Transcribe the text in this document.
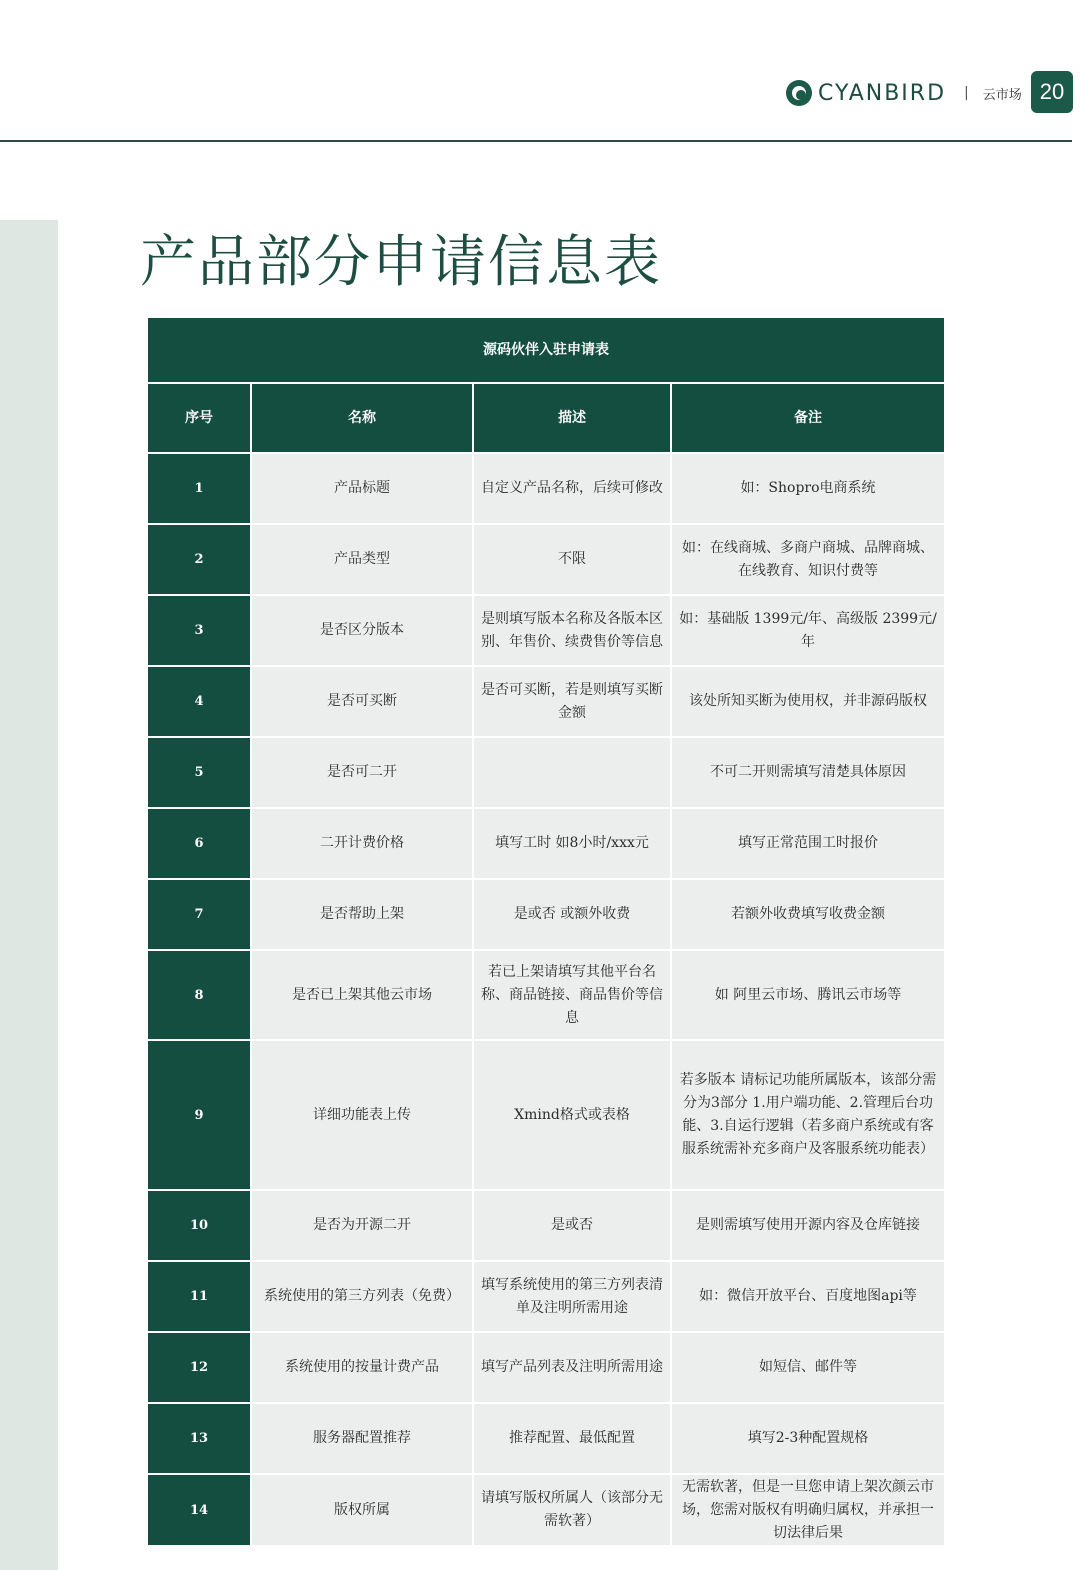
CYANBIRD | 云市场 20
产品部分申请信息表
源码伙伴入驻申请表			
序号	名称	描述	备注
1	产品标题	自定义产品名称，后续可修改	如：Shopro电商系统
2	产品类型	不限	如：在线商城、多商户商城、品牌商城、在线教育、知识付费等
3	是否区分版本	是则填写版本名称及各版本区别、年售价、续费售价等信息	如：基础版 1399元/年、高级版 2399元/年
4	是否可买断	是否可买断，若是则填写买断金额	该处所知买断为使用权，并非源码版权
5	是否可二开		不可二开则需填写清楚具体原因
6	二开计费价格	填写工时 如8小时/xxx元	填写正常范围工时报价
7	是否帮助上架	是或否 或额外收费	若额外收费填写收费金额
8	是否已上架其他云市场	若已上架请填写其他平台名称、商品链接、商品售价等信息	如 阿里云市场、腾讯云市场等
9	详细功能表上传	Xmind格式或表格	若多版本 请标记功能所属版本，该部分需分为3部分 1.用户端功能、2.管理后台功能、3.自运行逻辑（若多商户系统或有客服系统需补充多商户及客服系统功能表）
10	是否为开源二开	是或否	是则需填写使用开源内容及仓库链接
11	系统使用的第三方列表（免费）	填写系统使用的第三方列表清单及注明所需用途	如：微信开放平台、百度地图api等
12	系统使用的按量计费产品	填写产品列表及注明所需用途	如短信、邮件等
13	服务器配置推荐	推荐配置、最低配置	填写2-3种配置规格
14	版权所属	请填写版权所属人（该部分无需软著）	无需软著，但是一旦您申请上架次颜云市场，您需对版权有明确归属权，并承担一切法律后果
